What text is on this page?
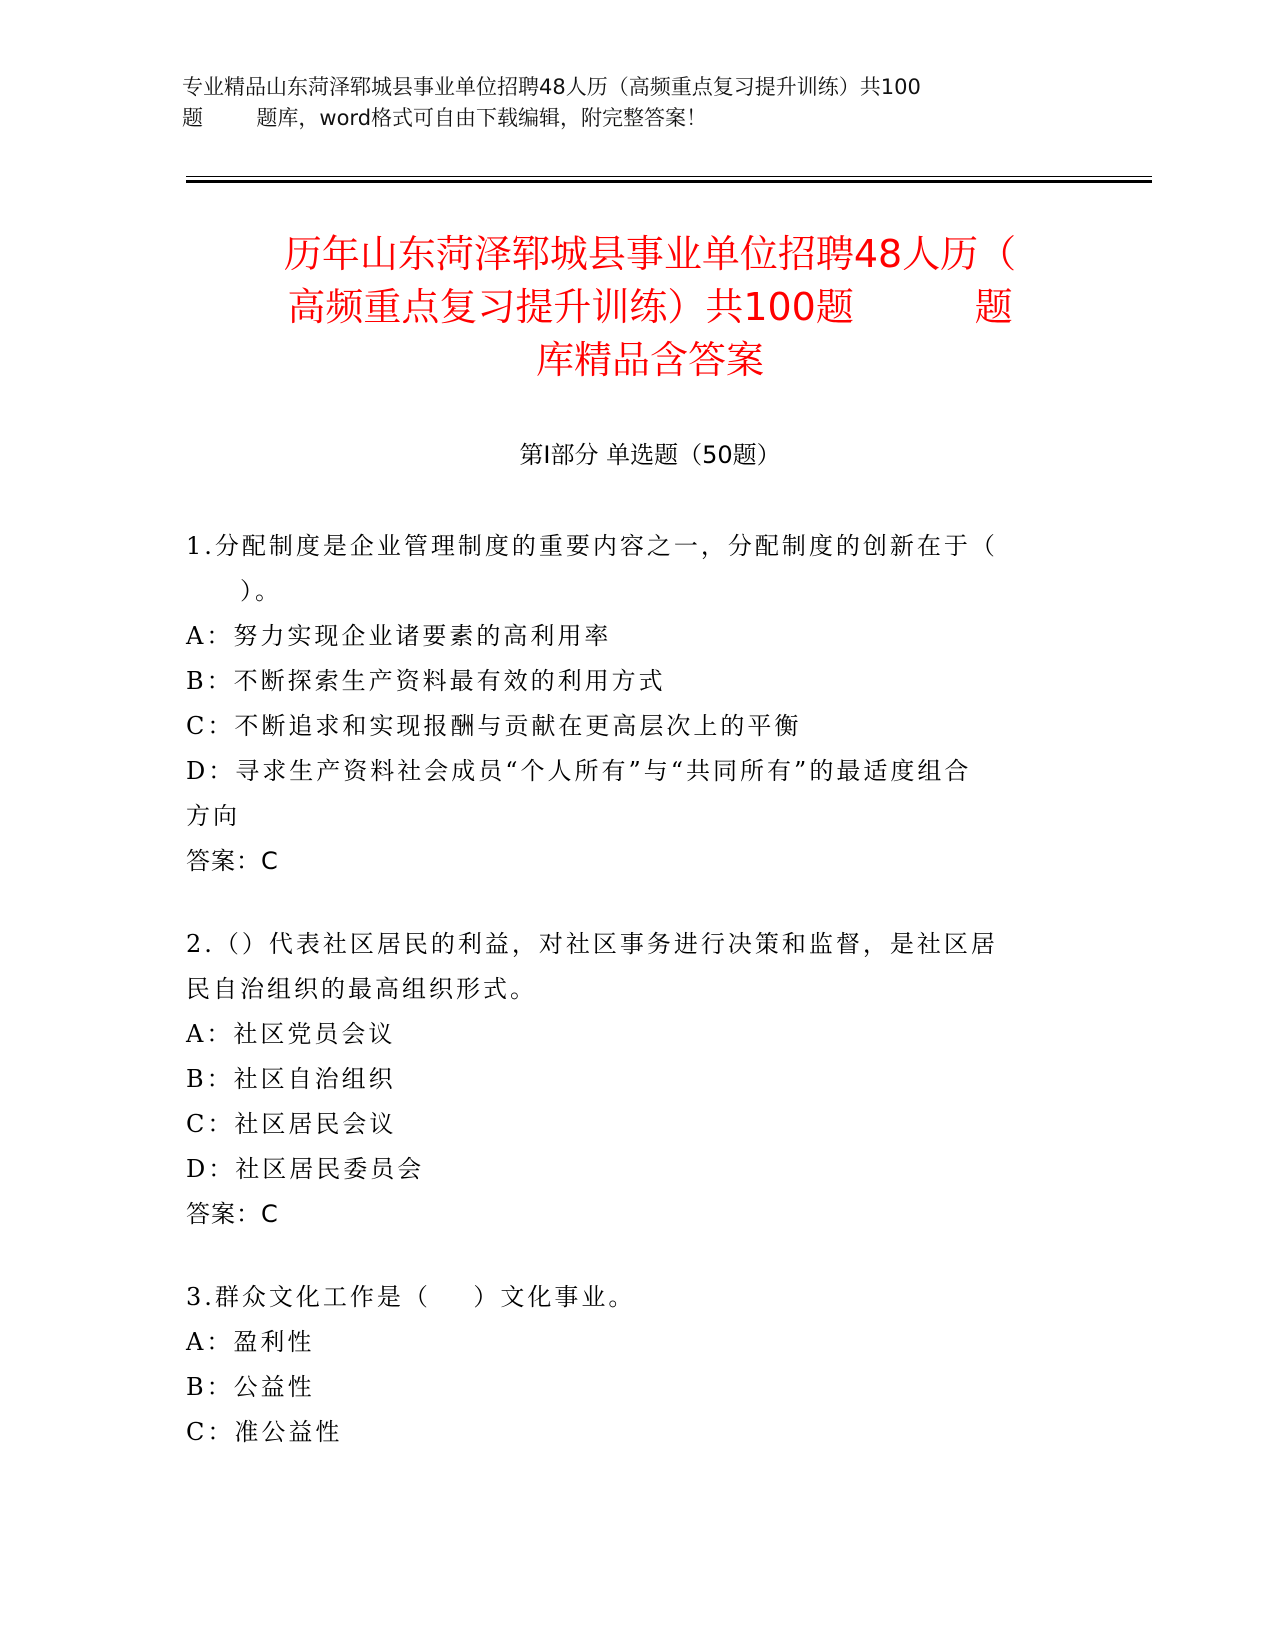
专业精品山东菏泽郓城县事业单位招聘48人历（高频重点复习提升训练）共100
题        题库，word格式可自由下载编辑，附完整答案！
历年山东菏泽郓城县事业单位招聘48人历（
高频重点复习提升训练）共100题          题
库精品含答案
第Ⅰ部分 单选题（50题）
1.分配制度是企业管理制度的重要内容之一，分配制度的创新在于（
）。
A：努力实现企业诸要素的高利用率
B：不断探索生产资料最有效的利用方式
C：不断追求和实现报酬与贡献在更高层次上的平衡
D：寻求生产资料社会成员“个人所有”与“共同所有”的最适度组合
方向
答案：C
2.（）代表社区居民的利益，对社区事务进行决策和监督，是社区居
民自治组织的最高组织形式。
A：社区党员会议
B：社区自治组织
C：社区居民会议
D：社区居民委员会
答案：C
3.群众文化工作是（    ）文化事业。
A：盈利性
B：公益性
C：准公益性
